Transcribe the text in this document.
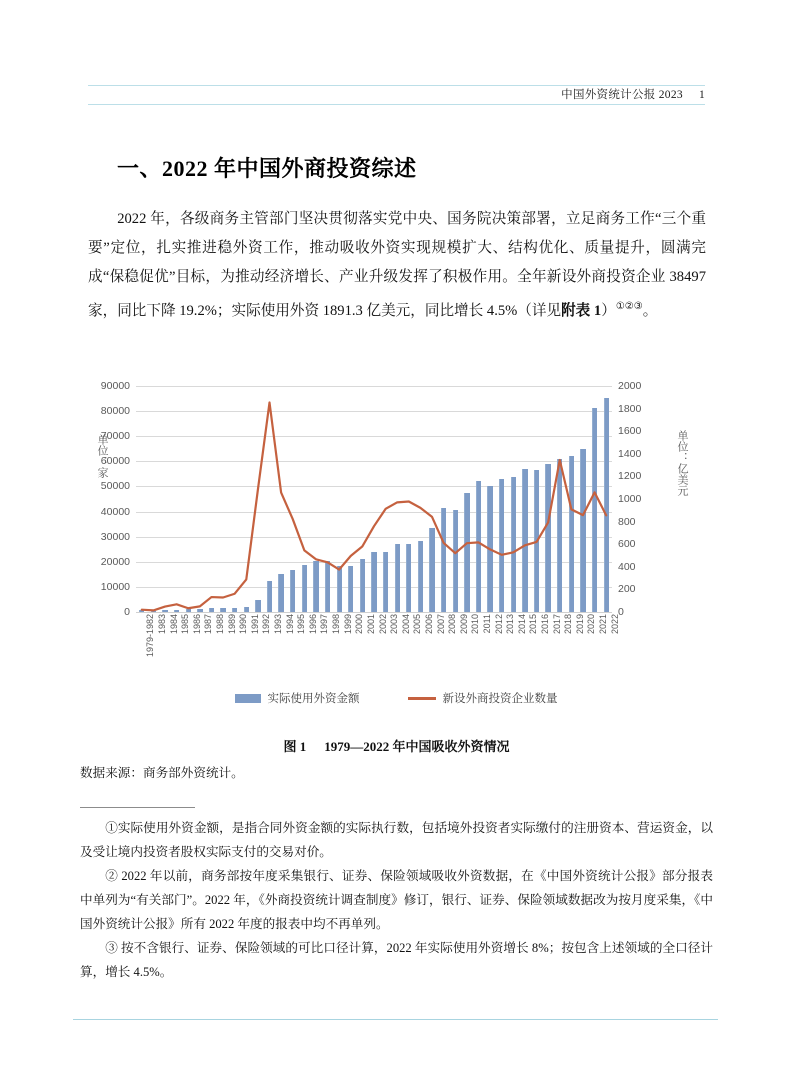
中国外资统计公报 2023 1
一、2022 年中国外商投资综述
2022 年，各级商务主管部门坚决贯彻落实党中央、国务院决策部署，立足商务工作“三个重要”定位，扎实推进稳外资工作，推动吸收外资实现规模扩大、结构优化、质量提升，圆满完成“保稳促优”目标，为推动经济增长、产业升级发挥了积极作用。全年新设外商投资企业 38497 家，同比下降 19.2%；实际使用外资 1891.3 亿美元，同比增长 4.5%（详见附表 1）①②③。
0
10000
20000
30000
40000
50000
60000
70000
80000
90000
0
200
400
600
800
1000
1200
1400
1600
1800
2000
单位：家	单位：亿美元
1979-1982 1983 1984 1985 1986 1987 1988 1989 1990 1991 1992 1993 1994 1995 1996 1997 1998 1999 2000 2001 2002 2003 2004 2005 2006 2007 2008 2009 2010 2011 2012 2013 2014 2015 2016 2017 2018 2019 2020 2021 2022
实际使用外资金额	新设外商投资企业数量
图 1 1979—2022 年中国吸收外资情况
数据来源：商务部外资统计。

①实际使用外资金额，是指合同外资金额的实际执行数，包括境外投资者实际缴付的注册资本、营运资金，以及受让境内投资者股权实际支付的交易对价。

② 2022 年以前，商务部按年度采集银行、证券、保险领域吸收外资数据，在《中国外资统计公报》部分报表中单列为“有关部门”。2022 年，《外商投资统计调查制度》修订，银行、证券、保险领域数据改为按月度采集，《中国外资统计公报》所有 2022 年度的报表中均不再单列。

③ 按不含银行、证券、保险领域的可比口径计算，2022 年实际使用外资增长 8%；按包含上述领域的全口径计算，增长 4.5%。
